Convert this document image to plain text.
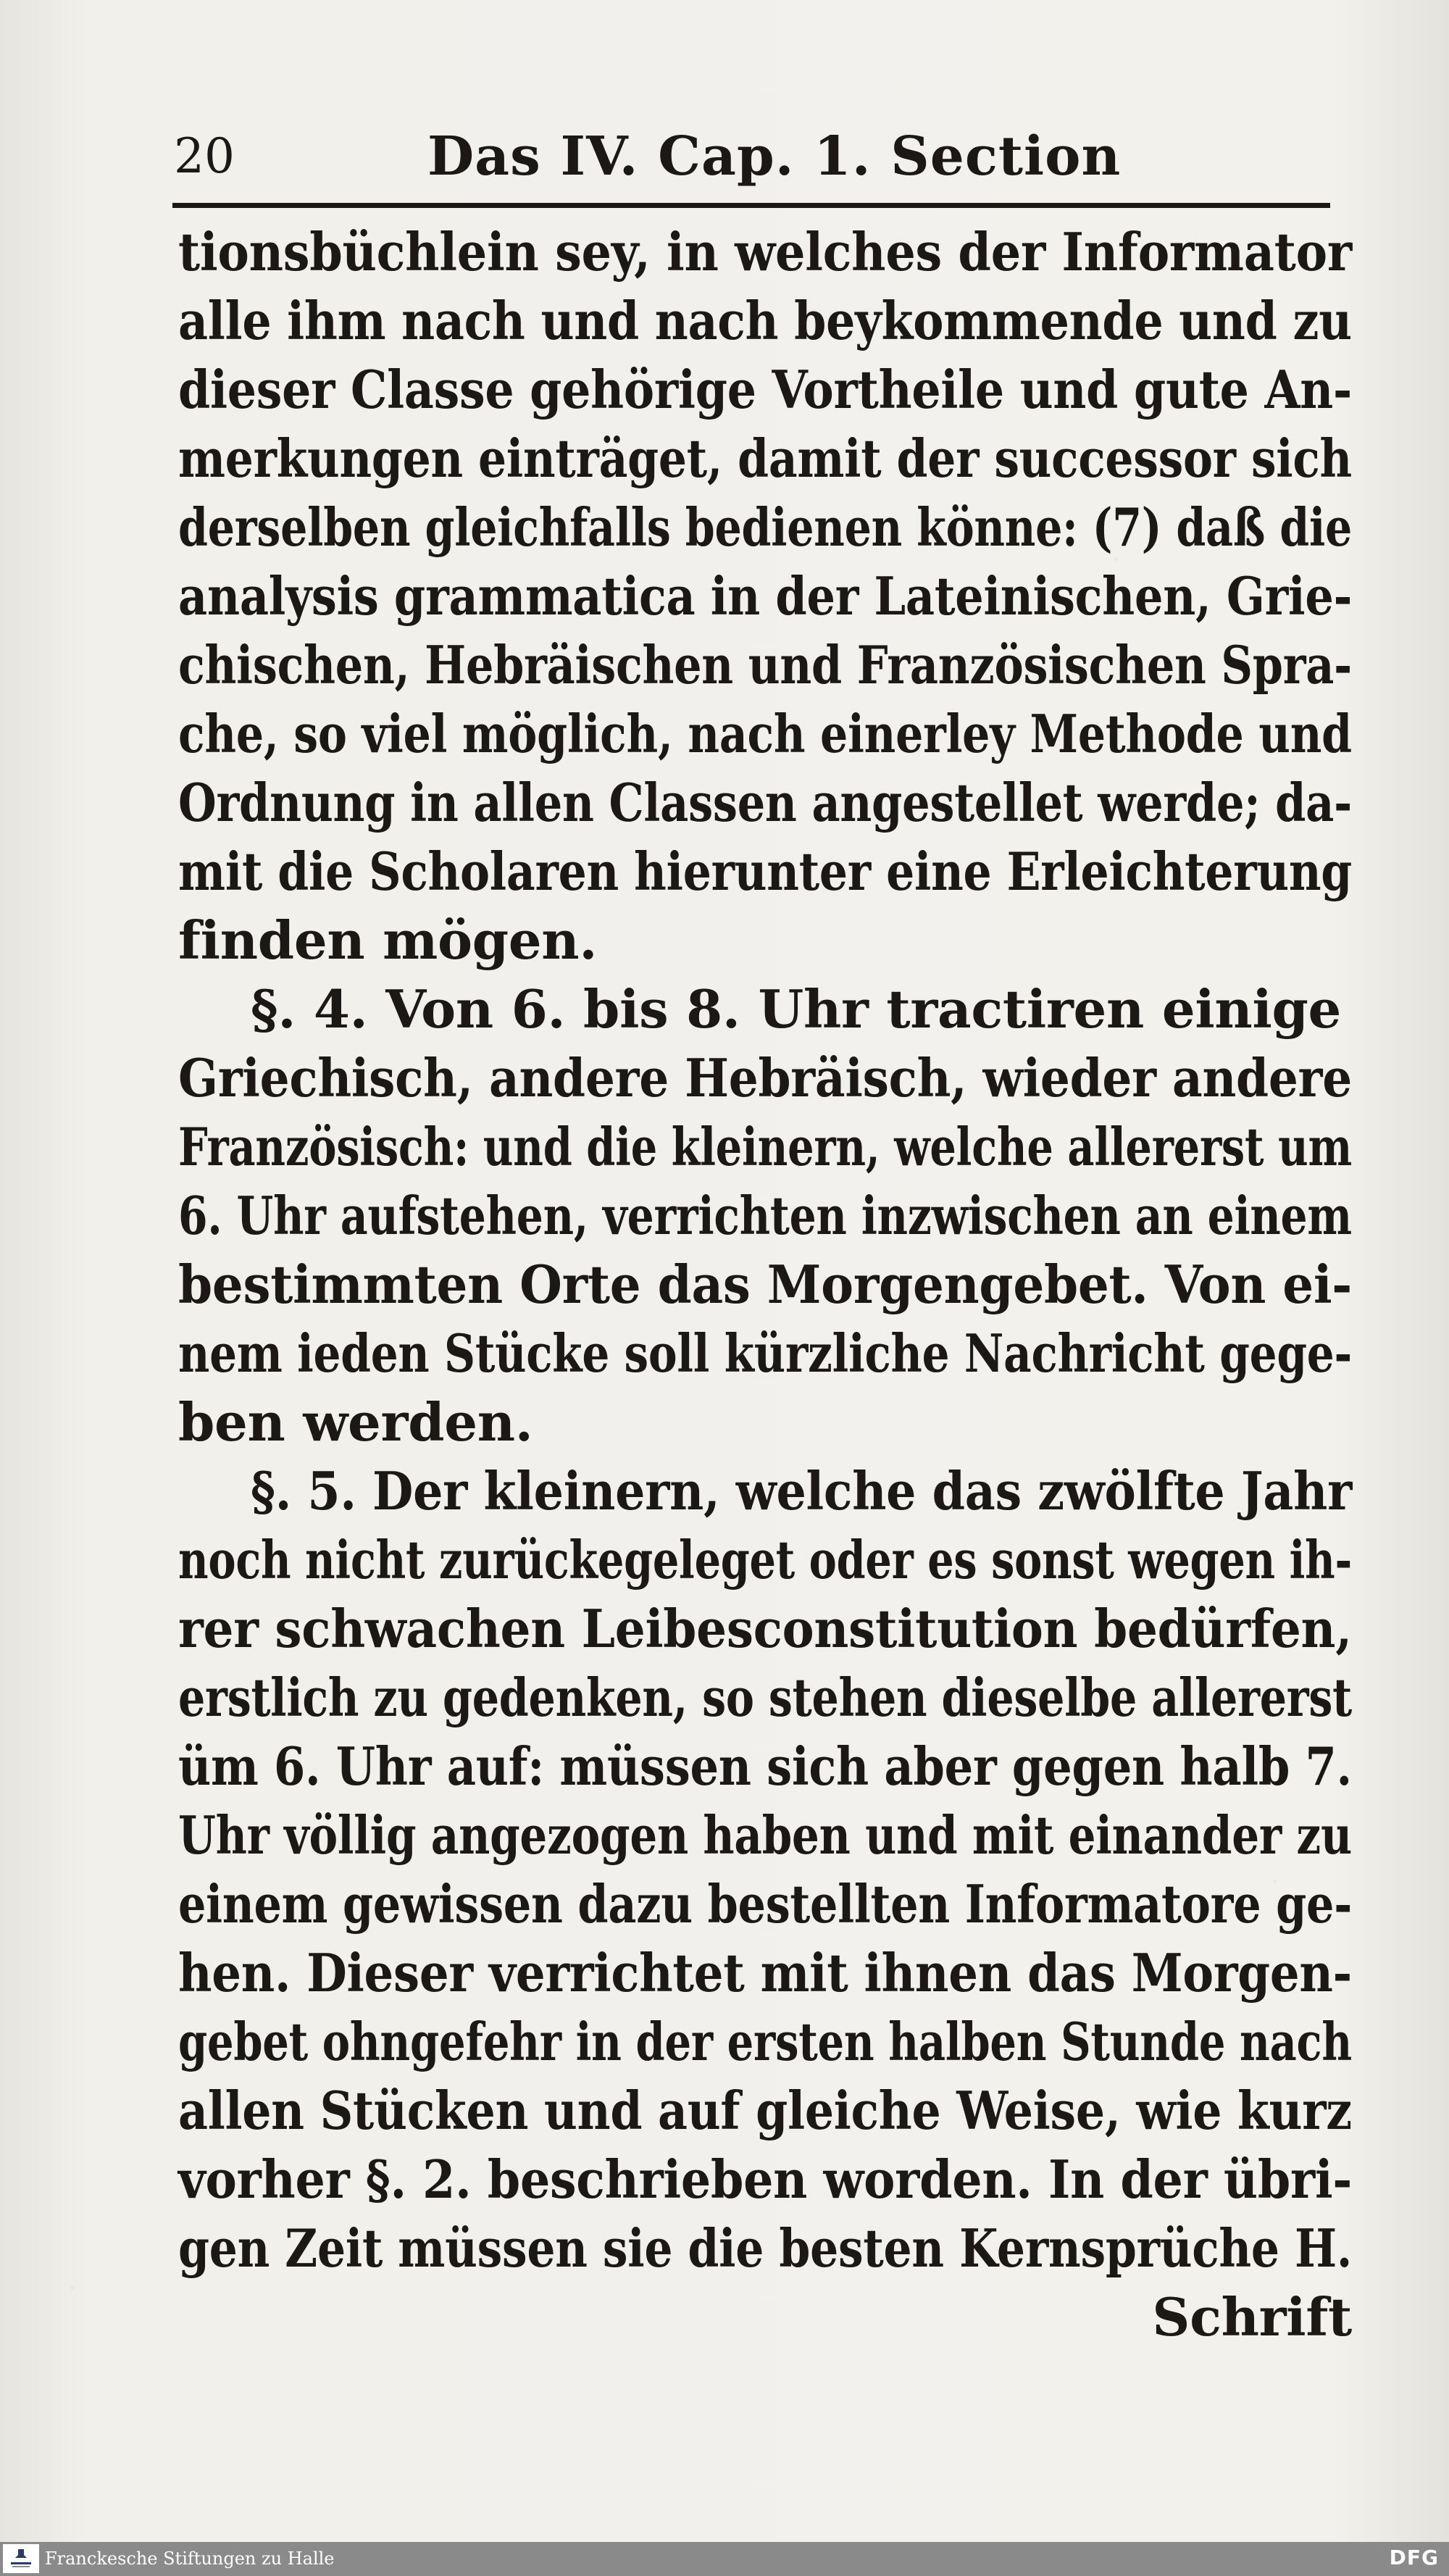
20	Das IV. Cap. 1. Section
tionsbüchlein sey, in welches der Informator
alle ihm nach und nach beykommende und zu
dieser Classe gehörige Vortheile und gute An-
merkungen einträget, damit der successor sich
derselben gleichfalls bedienen könne: (7) daß die
analysis grammatica in der Lateinischen, Grie-
chischen, Hebräischen und Französischen Spra-
che, so viel möglich, nach einerley Methode und
Ordnung in allen Classen angestellet werde; da-
mit die Scholaren hierunter eine Erleichterung
finden mögen.
§. 4. Von 6. bis 8. Uhr tractiren einige
Griechisch, andere Hebräisch, wieder andere
Französisch: und die kleinern, welche allererst um
6. Uhr aufstehen, verrichten inzwischen an einem
bestimmten Orte das Morgengebet. Von ei-
nem ieden Stücke soll kürzliche Nachricht gege-
ben werden.
§. 5. Der kleinern, welche das zwölfte Jahr
noch nicht zurückegeleget oder es sonst wegen ih-
rer schwachen Leibesconstitution bedürfen,
erstlich zu gedenken, so stehen dieselbe allererst
üm 6. Uhr auf: müssen sich aber gegen halb 7.
Uhr völlig angezogen haben und mit einander zu
einem gewissen dazu bestellten Informatore ge-
hen. Dieser verrichtet mit ihnen das Morgen-
gebet ohngefehr in der ersten halben Stunde nach
allen Stücken und auf gleiche Weise, wie kurz
vorher §. 2. beschrieben worden. In der übri-
gen Zeit müssen sie die besten Kernsprüche H.
Schrift
Franckesche Stiftungen zu Halle	DFG
